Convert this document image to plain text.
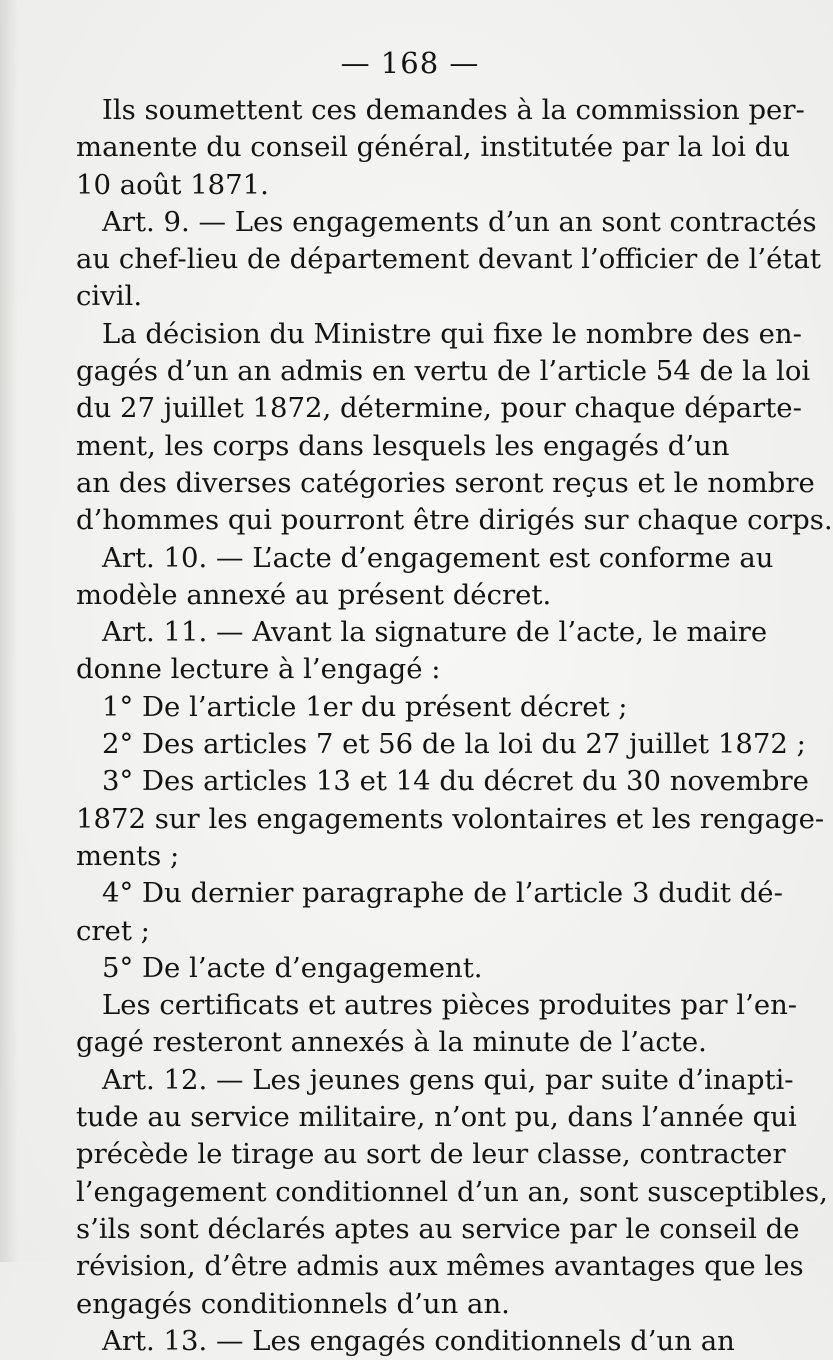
— 168 —
Ils soumettent ces demandes à la commission per-
manente du conseil général, institutée par la loi du
10 août 1871.
Art. 9. — Les engagements d’un an sont contractés
au chef-lieu de département devant l’officier de l’état
civil.
La décision du Ministre qui fixe le nombre des en-
gagés d’un an admis en vertu de l’article 54 de la loi
du 27 juillet 1872, détermine, pour chaque départe-
ment, les corps dans lesquels les engagés d’un
an des diverses catégories seront reçus et le nombre
d’hommes qui pourront être dirigés sur chaque corps.
Art. 10. — L’acte d’engagement est conforme au
modèle annexé au présent décret.
Art. 11. — Avant la signature de l’acte, le maire
donne lecture à l’engagé :
1° De l’article 1er du présent décret ;
2° Des articles 7 et 56 de la loi du 27 juillet 1872 ;
3° Des articles 13 et 14 du décret du 30 novembre
1872 sur les engagements volontaires et les rengage-
ments ;
4° Du dernier paragraphe de l’article 3 dudit dé-
cret ;
5° De l’acte d’engagement.
Les certificats et autres pièces produites par l’en-
gagé resteront annexés à la minute de l’acte.
Art. 12. — Les jeunes gens qui, par suite d’inapti-
tude au service militaire, n’ont pu, dans l’année qui
précède le tirage au sort de leur classe, contracter
l’engagement conditionnel d’un an, sont susceptibles,
s’ils sont déclarés aptes au service par le conseil de
révision, d’être admis aux mêmes avantages que les
engagés conditionnels d’un an.
Art. 13. — Les engagés conditionnels d’un an
